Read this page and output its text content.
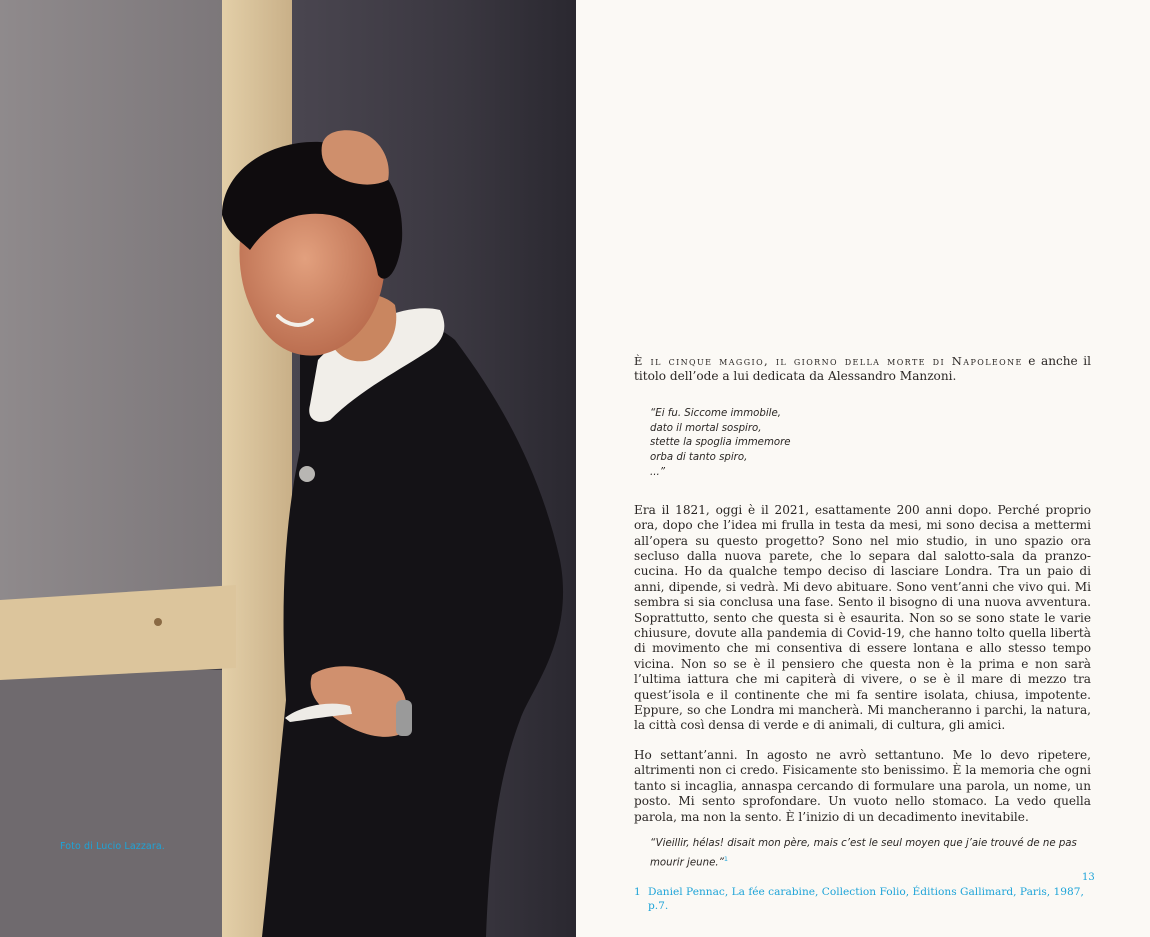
Foto di Lucio Lazzara.

È il cinque maggio, il giorno della morte di Napoleone e anche il titolo dell’ode a lui dedicata da Alessandro Manzoni.

“Ei fu. Siccome immobile,
dato il mortal sospiro,
stette la spoglia immemore
orba di tanto spiro,
...”

Era il 1821, oggi è il 2021, esattamente 200 anni dopo. Perché proprio ora, dopo che l’idea mi frulla in testa da mesi, mi sono decisa a mettermi all’opera su questo progetto? Sono nel mio studio, in uno spazio ora secluso dalla nuova parete, che lo separa dal salotto-sala da pranzo-cucina. Ho da qualche tempo deciso di lasciare Londra. Tra un paio di anni, dipende, si vedrà. Mi devo abituare. Sono vent’anni che vivo qui. Mi sembra si sia conclusa una fase. Sento il bisogno di una nuova avventura. Soprattutto, sento che questa si è esaurita. Non so se sono state le varie chiusure, dovute alla pandemia di Covid-19, che hanno tolto quella libertà di movimento che mi consentiva di essere lontana e allo stesso tempo vicina. Non so se è il pensiero che questa non è la prima e non sarà l’ultima iattura che mi capiterà di vivere, o se è il mare di mezzo tra quest’isola e il continente che mi fa sentire isolata, chiusa, impotente. Eppure, so che Londra mi mancherà. Mi mancheranno i parchi, la natura, la città così densa di verde e di animali, di cultura, gli amici.

Ho settant’anni. In agosto ne avrò settantuno. Me lo devo ripetere, altrimenti non ci credo. Fisicamente sto benissimo. È la memoria che ogni tanto si incaglia, annaspa cercando di formulare una parola, un nome, un posto. Mi sento sprofondare. Un vuoto nello stomaco. La vedo quella parola, ma non la sento. È l’inizio di un decadimento inevitabile.

“Vieillir, hélas! disait mon père, mais c’est le seul moyen que j’aie trouvé de ne pas mourir jeune.”$^1$
1 Daniel Pennac, La fée carabine, Collection Folio, Éditions Gallimard, Paris, 1987, p.7.
13
